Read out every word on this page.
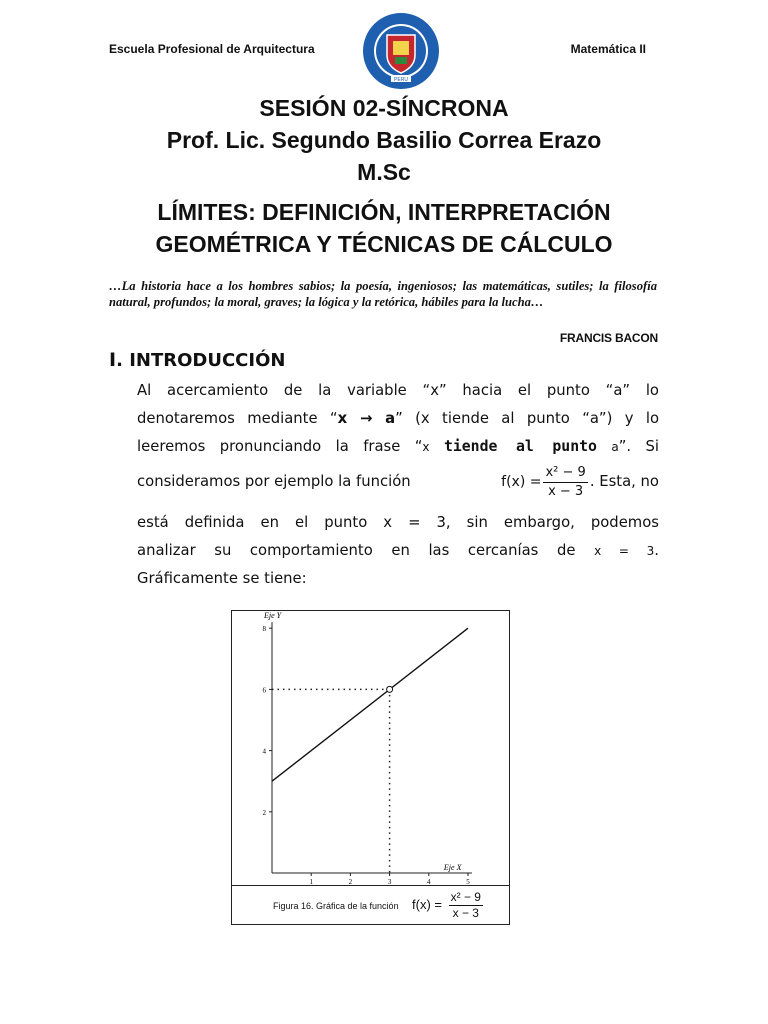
Escuela Profesional de Arquitectura
PERU
Matemática II
SESIÓN 02-SÍNCRONA
Prof. Lic. Segundo Basilio Correa Erazo
M.Sc
LÍMITES: DEFINICIÓN, INTERPRETACIÓN
GEOMÉTRICA Y TÉCNICAS DE CÁLCULO
…La historia hace a los hombres sabios; la poesía, ingeniosos; las matemáticas, sutiles; la filosofía natural, profundos; la moral, graves; la lógica y la retórica, hábiles para la lucha…
FRANCIS BACON
I. INTRODUCCIÓN
Al acercamiento de la variable “x” hacia el punto “a” lo
denotaremos mediante “x → a” (x tiende al punto “a”) y lo
leeremos pronunciando la frase “x tiende al punto a”. Si
consideramos por ejemplo la función	$f(x) = \frac{\text{x² − 9}}{x - 3}$ . Esta, no
está definida en el punto x = 3, sin embargo, podemos
analizar su comportamiento en las cercanías de x = 3.
Gráficamente se tiene:
Eje X
Eje Y
1	2	3	4	5
2
4
6
8
Figura 16. Gráfica de la función $f(x) = \frac{\text{x² − 9}}{x - 3}$
